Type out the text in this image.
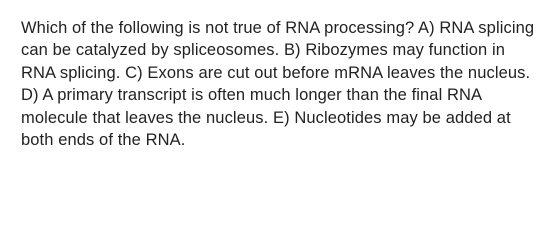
Which of the following is not true of RNA processing? A) RNA splicing can be catalyzed by spliceosomes. B) Ribozymes may function in RNA splicing. C) Exons are cut out before mRNA leaves the nucleus. D) A primary transcript is often much longer than the final RNA molecule that leaves the nucleus. E) Nucleotides may be added at both ends of the RNA.
